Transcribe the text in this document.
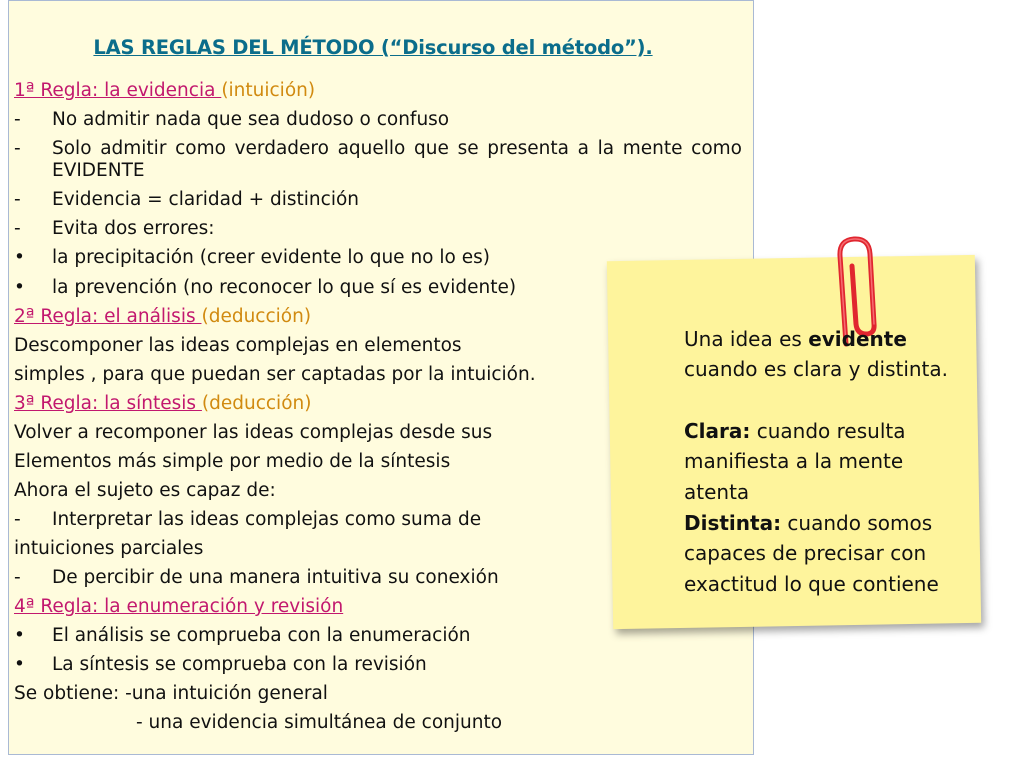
LAS REGLAS DEL MÉTODO (“Discurso del método”).
1ª Regla: la evidencia (intuición)
- No admitir nada que sea dudoso o confuso
- Solo admitir como verdadero aquello que se presenta a la mente como EVIDENTE
- Evidencia = claridad + distinción
- Evita dos errores:
• la precipitación (creer evidente lo que no lo es)
• la prevención (no reconocer lo que sí es evidente)
2ª Regla: el análisis (deducción)
Descomponer las ideas complejas en elementos
simples , para que puedan ser captadas por la intuición.
3ª Regla: la síntesis (deducción)
Volver a recomponer las ideas complejas desde sus
Elementos más simple por medio de la síntesis
Ahora el sujeto es capaz de:
- Interpretar las ideas complejas como suma de
intuiciones parciales
- De percibir de una manera intuitiva su conexión
4ª Regla: la enumeración y revisión
• El análisis se comprueba con la enumeración
• La síntesis se comprueba con la revisión
Se obtiene: -una intuición general
- una evidencia simultánea de conjunto
Una idea es evidente
cuando es clara y distinta.
Clara: cuando resulta
manifiesta a la mente
atenta
Distinta: cuando somos
capaces de precisar con
exactitud lo que contiene
